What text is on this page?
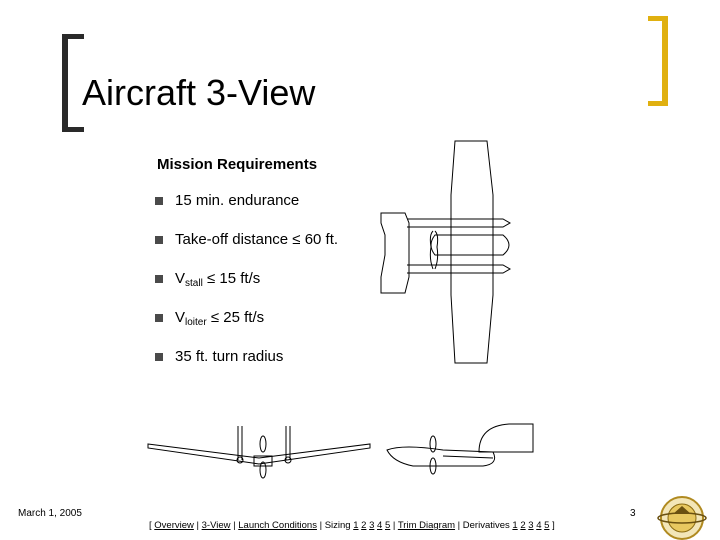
Aircraft 3-View
Mission Requirements
15 min. endurance
Take-off distance ≤ 60 ft.
$V_{stall} \le 15$ ft/s
$V_{loiter} \le 25$ ft/s
35 ft. turn radius
March 1, 2005	3
[ Overview | 3-View | Launch Conditions | Sizing 1 2 3 4 5 | Trim Diagram | Derivatives 1 2 3 4 5 ]
